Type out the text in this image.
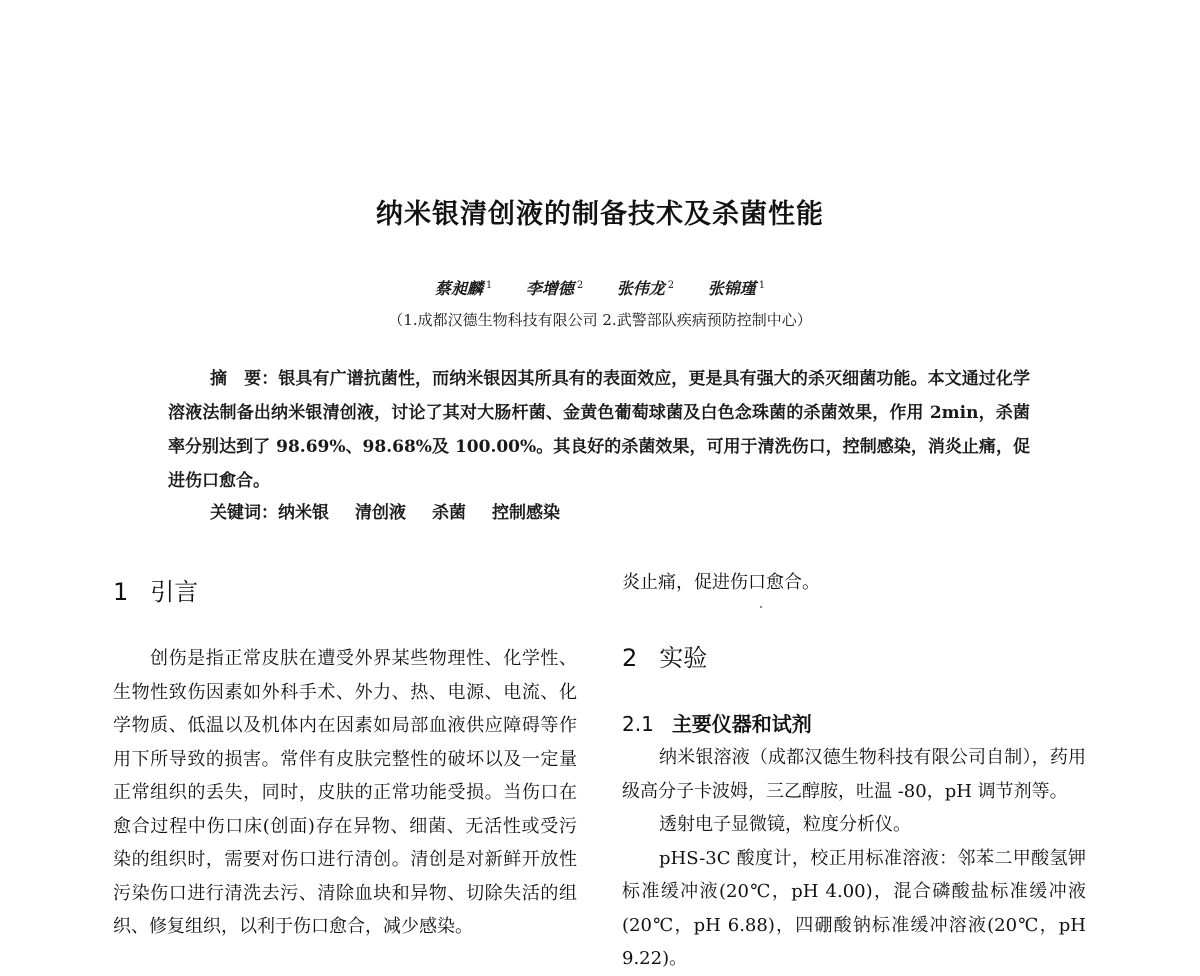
纳米银清创液的制备技术及杀菌性能
蔡昶麟 $^1$ 李增德 $^2$ 张伟龙 $^2$ 张锦瑾 $^1$
（1.成都汉德生物科技有限公司 2.武警部队疾病预防控制中心）
摘　要：银具有广谱抗菌性，而纳米银因其所具有的表面效应，更是具有强大的杀灭细菌功能。本文通过化学溶液法制备出纳米银清创液，讨论了其对大肠杆菌、金黄色葡萄球菌及白色念珠菌的杀菌效果，作用 2min，杀菌率分别达到了 98.69%、98.68%及 100.00%。其良好的杀菌效果，可用于清洗伤口，控制感染，消炎止痛，促进伤口愈合。
关键词：纳米银 清创液 杀菌 控制感染
1 引言

创伤是指正常皮肤在遭受外界某些物理性、化学性、生物性致伤因素如外科手术、外力、热、电源、电流、化学物质、低温以及机体内在因素如局部血液供应障碍等作用下所导致的损害。常伴有皮肤完整性的破坏以及一定量正常组织的丢失，同时，皮肤的正常功能受损。当伤口在愈合过程中伤口床(创面)存在异物、细菌、无活性或受污染的组织时，需要对伤口进行清创。清创是对新鲜开放性污染伤口进行清洗去污、清除血块和异物、切除失活的组织、修复组织，以利于伤口愈合，减少感染。

炎止痛，促进伤口愈合。

2 实验
2.1 主要仪器和试剂

纳米银溶液（成都汉德生物科技有限公司自制），药用级高分子卡波姆，三乙醇胺，吐温 -80，pH 调节剂等。

透射电子显微镜，粒度分析仪。

pHS-3C 酸度计，校正用标准溶液：邻苯二甲酸氢钾标准缓冲液(20℃，pH 4.00)，混合磷酸盐标准缓冲液(20℃，pH 6.88)，四硼酸钠标准缓冲溶液(20℃，pH 9.22)。
